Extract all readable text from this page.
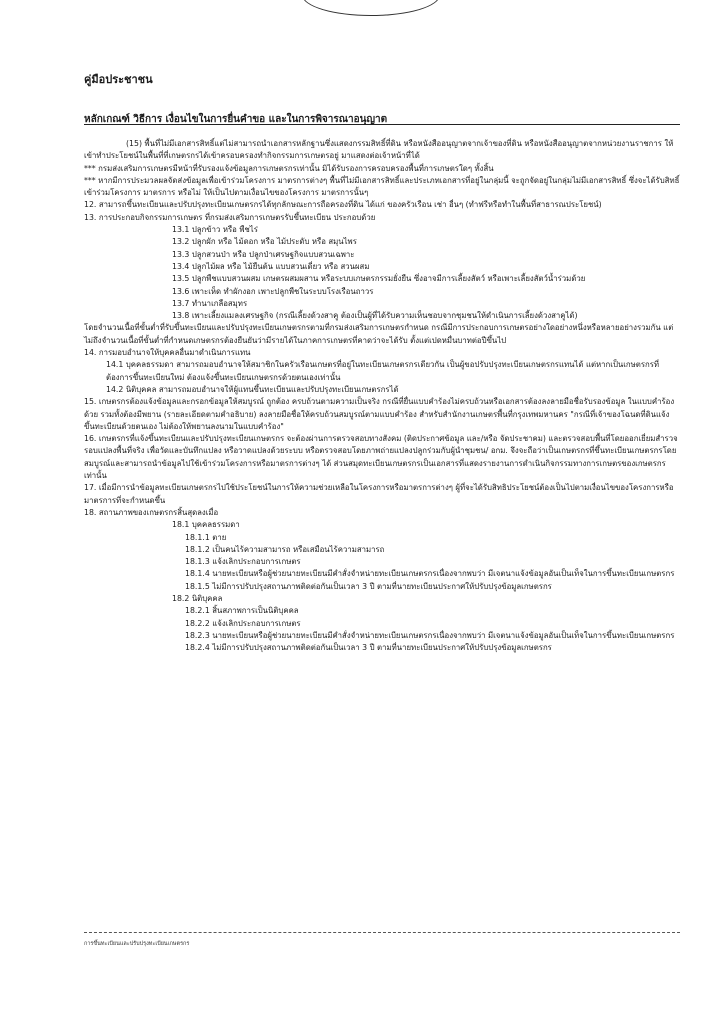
คู่มือประชาชน
หลักเกณฑ์ วิธีการ เงื่อนไขในการยื่นคำขอ และในการพิจารณาอนุญาต

(15) พื้นที่ไม่มีเอกสารสิทธิ์แต่ไม่สามารถนำเอกสารหลักฐานซึ่งแสดงกรรมสิทธิ์ที่ดิน หรือหนังสืออนุญาตจากเจ้าของที่ดิน หรือหนังสืออนุญาตจากหน่วยงานราชการ ให้เข้าทำประโยชน์ในพื้นที่ที่เกษตรกรได้เข้าครอบครองทำกิจกรรมการเกษตรอยู่ มาแสดงต่อเจ้าหน้าที่ได้

*** กรมส่งเสริมการเกษตรมีหน้าที่รับรองแจ้งข้อมูลการเกษตรกรเท่านั้น มิได้รับรองการครอบครองพื้นที่การเกษตรใดๆ ทั้งสิ้น

*** หากมีการประมวลผลจัดส่งข้อมูลเพื่อเข้าร่วมโครงการ มาตรการต่างๆ พื้นที่ไม่มีเอกสารสิทธิ์และประเภทเอกสารที่อยู่ในกลุ่มนี้ จะถูกจัดอยู่ในกลุ่มไม่มีเอกสารสิทธิ์ ซึ่งจะได้รับสิทธิ์เข้าร่วมโครงการ มาตรการ หรือไม่ ให้เป็นไปตามเงื่อนไขของโครงการ มาตรการนั้นๆ

12. สามารถขึ้นทะเบียนและปรับปรุงทะเบียนเกษตรกรได้ทุกลักษณะการถือครองที่ดิน ได้แก่ ของครัวเรือน เช่า อื่นๆ (ทำฟรีหรือทำในพื้นที่สาธารณประโยชน์)

13. การประกอบกิจกรรมการเกษตร ที่กรมส่งเสริมการเกษตรรับขึ้นทะเบียน ประกอบด้วย

13.1 ปลูกข้าว หรือ พืชไร่

13.2 ปลูกผัก หรือ ไม้ดอก หรือ ไม้ประดับ หรือ สมุนไพร

13.3 ปลูกสวนป่า หรือ ปลูกป่าเศรษฐกิจแบบสวนเฉพาะ

13.4 ปลูกไม้ผล หรือ ไม้ยืนต้น แบบสวนเดี่ยว หรือ สวนผสม

13.5 ปลูกพืชแบบสวนผสม เกษตรผสมผสาน หรือระบบเกษตรกรรมยั่งยืน ซึ่งอาจมีการเลี้ยงสัตว์ หรือเพาะเลี้ยงสัตว์น้ำร่วมด้วย

13.6 เพาะเห็ด ทำผักงอก เพาะปลูกพืชในระบบโรงเรือนถาวร

13.7 ทำนาเกลือสมุทร

13.8 เพาะเลี้ยงแมลงเศรษฐกิจ (กรณีเลี้ยงด้วงสาคู ต้องเป็นผู้ที่ได้รับความเห็นชอบจากชุมชนให้ดำเนินการเลี้ยงด้วงสาคูได้)

โดยจำนวนเนื้อที่ขั้นต่ำที่รับขึ้นทะเบียนและปรับปรุงทะเบียนเกษตรกรตามที่กรมส่งเสริมการเกษตรกำหนด กรณีมีการประกอบการเกษตรอย่างใดอย่างหนึ่งหรือหลายอย่างรวมกัน แต่ไม่ถึงจำนวนเนื้อที่ขั้นต่ำที่กำหนดเกษตรกรต้องยืนยันว่ามีรายได้ในภาคการเกษตรที่คาดว่าจะได้รับ ตั้งแต่เปดหมื่นบาทต่อปีขึ้นไป

14. การมอบอำนาจให้บุคคลอื่นมาดำเนินการแทน

14.1 บุคคลธรรมดา สามารถมอบอำนาจให้สมาชิกในครัวเรือนเกษตรที่อยู่ในทะเบียนเกษตรกรเดียวกัน เป็นผู้ขอปรับปรุงทะเบียนเกษตรกรแทนได้ แต่หากเป็นเกษตรกรที่ต้องการขึ้นทะเบียนใหม่ ต้องแจ้งขึ้นทะเบียนเกษตรกรด้วยตนเองเท่านั้น

14.2 นิติบุคคล สามารถมอบอำนาจให้ผู้แทนขึ้นทะเบียนและปรับปรุงทะเบียนเกษตรกรได้

15. เกษตรกรต้องแจ้งข้อมูลและกรอกข้อมูลให้สมบูรณ์ ถูกต้อง ครบถ้วนตามความเป็นจริง กรณีที่ยื่นแบบคำร้องไม่ครบถ้วนหรือเอกสารต้องลงลายมือชื่อรับรองข้อมูล ในแบบคำร้องด้วย รวมทั้งต้องมีพยาน (รายละเอียดตามคำอธิบาย) ลงลายมือชื่อให้ครบถ้วนสมบูรณ์ตามแบบคำร้อง สำหรับสำนักงานเกษตรพื้นที่กรุงเทพมหานคร "กรณีที่เจ้าของโฉนดที่ดินแจ้งขึ้นทะเบียนด้วยตนเอง ไม่ต้องให้พยานลงนามในแบบคำร้อง"

16. เกษตรกรที่แจ้งขึ้นทะเบียนและปรับปรุงทะเบียนเกษตรกร จะต้องผ่านการตรวจสอบทางสังคม (ติดประกาศข้อมูล และ/หรือ จัดประชาคม) และตรวจสอบพื้นที่โดยออกเยี่ยมสำรวจรอบแปลงพื้นที่จริง เพื่อวัดและบันทึกแปลง หรือวาดแปลงด้วยระบบ หรือตรวจสอบโดยภาพถ่ายแปลงปลูกร่วมกับผู้นำชุมชน/ อกม. จึงจะถือว่าเป็นเกษตรกรที่ขึ้นทะเบียนเกษตรกรโดยสมบูรณ์และสามารถนำข้อมูลไปใช้เข้าร่วมโครงการหรือมาตรการต่างๆ ได้ ส่วนสมุดทะเบียนเกษตรกรเป็นเอกสารที่แสดงรายงานการดำเนินกิจกรรมทางการเกษตรของเกษตรกรเท่านั้น

17. เมื่อมีการนำข้อมูลทะเบียนเกษตรกรไปใช้ประโยชน์ในการให้ความช่วยเหลือในโครงการหรือมาตรการต่างๆ ผู้ที่จะได้รับสิทธิประโยชน์ต้องเป็นไปตามเงื่อนไขของโครงการหรือมาตรการที่จะกำหนดขึ้น

18. สถานภาพของเกษตรกรสิ้นสุดลงเมื่อ

18.1 บุคคลธรรมดา

18.1.1 ตาย

18.1.2 เป็นคนไร้ความสามารถ หรือเสมือนไร้ความสามารถ

18.1.3 แจ้งเลิกประกอบการเกษตร

18.1.4 นายทะเบียนหรือผู้ช่วยนายทะเบียนมีคำสั่งจำหน่ายทะเบียนเกษตรกรเนื่องจากพบว่า มีเจตนาแจ้งข้อมูลอันเป็นเท็จในการขึ้นทะเบียนเกษตรกร

18.1.5 ไม่มีการปรับปรุงสถานภาพติดต่อกันเป็นเวลา 3 ปี ตามที่นายทะเบียนประกาศให้ปรับปรุงข้อมูลเกษตรกร

18.2 นิติบุคคล

18.2.1 สิ้นสภาพการเป็นนิติบุคคล

18.2.2 แจ้งเลิกประกอบการเกษตร

18.2.3 นายทะเบียนหรือผู้ช่วยนายทะเบียนมีคำสั่งจำหน่ายทะเบียนเกษตรกรเนื่องจากพบว่า มีเจตนาแจ้งข้อมูลอันเป็นเท็จในการขึ้นทะเบียนเกษตรกร

18.2.4 ไม่มีการปรับปรุงสถานภาพติดต่อกันเป็นเวลา 3 ปี ตามที่นายทะเบียนประกาศให้ปรับปรุงข้อมูลเกษตรกร

การขึ้นทะเบียนและปรับปรุงทะเบียนเกษตรกร
